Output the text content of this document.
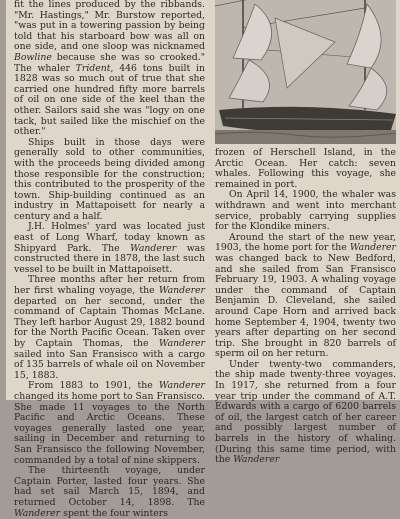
fit the lines produced by the ribbands. "Mr. Hastings," Mr. Burstow reported, "was put in a towering passion by being told that his starboard bow was all on one side, and one sloop was nicknamed Bowline because she was so crooked." The whaler Trident, 446 tons built in 1828 was so much out of true that she carried one hundred fifty more barrels of oil on one side of the keel than the other. Sailors said she was "logy on one tack, but sailed like the mischief on the other."

Ships built in those days were generally sold to other communities, with the proceeds being divided among those responsible for the construction; this contributed to the prosperity of the town. Ship-building continued as an industry in Mattapoisett for nearly a century and a half.

J.H. Holmes' yard was located just east of Long Wharf, today known as Shipyard Park. The Wanderer was constructed there in 1878, the last such vessel to be built in Mattapoisett.

Three months after her return from her first whaling voyage, the Wanderer departed on her second, under the command of Captain Thomas McLane. They left harbor August 29, 1882 bound for the North Pacific Ocean. Taken over by Captain Thomas, the Wanderer sailed into San Fransisco with a cargo of 135 barrels of whale oil on November 15, 1883.

From 1883 to 1901, the Wanderer changed its home port to San Fransisco. She made 11 voyages to the North Pacific and Arctic Oceans. These voyages generally lasted one year, sailing in December and returning to San Fransisco the following November, commanded by a total of nine skippers.

The thirteenth voyage, under Captain Porter, lasted four years. She had set sail March 15, 1894, and returned October 14, 1898. The Wanderer spent the four winters

frozen of Herschell Island, in the Arctic Ocean. Her catch: seven whales. Following this voyage, she remained in port.

On April 14, 1900, the whaler was withdrawn and went into merchant service, probably carrying supplies for the Klondike miners.

Around the start of the new year, 1903, the home port for the Wanderer was changed back to New Bedford, and she sailed from San Fransisco February 19, 1903. A whaling voyage under the command of Captain Benjamin D. Cleveland, she sailed around Cape Horn and arrived back home September 4, 1904, twenty two years after departing on her second trip. She brought in 820 barrels of sperm oil on her return.

Under twenty-two commanders, the ship made twenty-three voyages. In 1917, she returned from a four year trip under the command of A.T. Edwards with a cargo of 6200 barrels of oil, the largest catch of her career and possibly largest number of barrels in the history of whaling. (During this same time period, with the Wanderer
